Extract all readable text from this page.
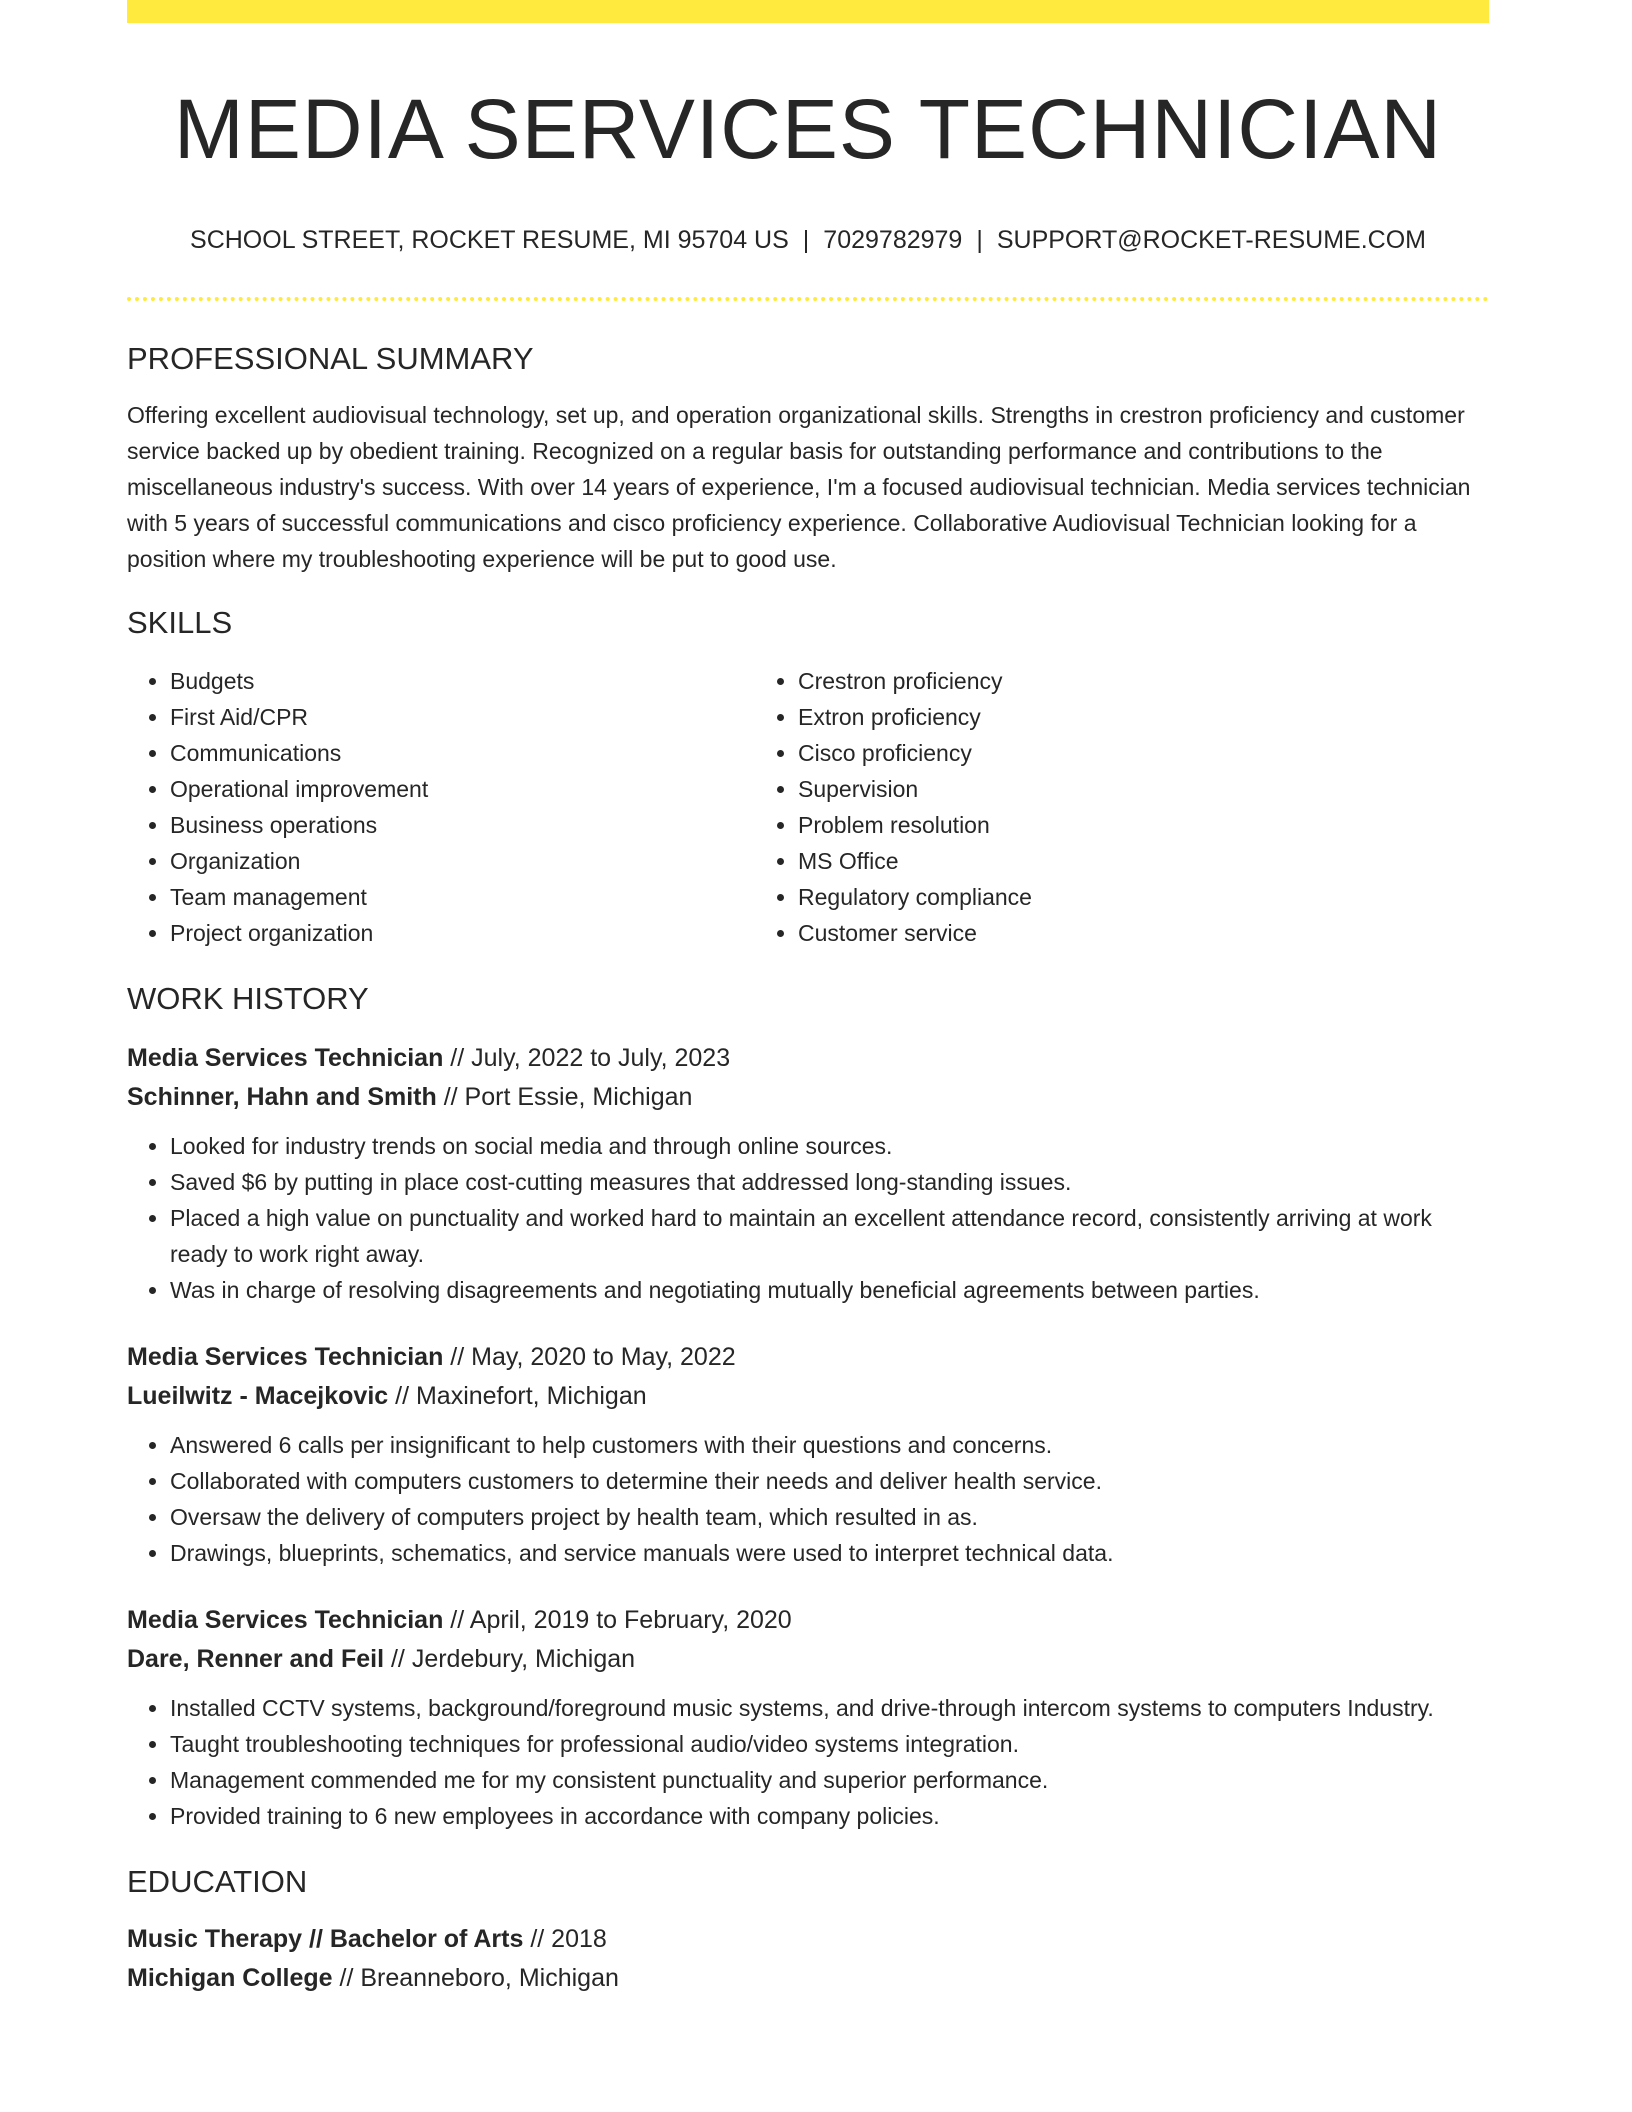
MEDIA SERVICES TECHNICIAN
SCHOOL STREET, ROCKET RESUME, MI 95704 US | 7029782979 | SUPPORT@ROCKET-RESUME.COM
PROFESSIONAL SUMMARY
Offering excellent audiovisual technology, set up, and operation organizational skills. Strengths in crestron proficiency and customer service backed up by obedient training. Recognized on a regular basis for outstanding performance and contributions to the miscellaneous industry's success. With over 14 years of experience, I'm a focused audiovisual technician. Media services technician with 5 years of successful communications and cisco proficiency experience. Collaborative Audiovisual Technician looking for a position where my troubleshooting experience will be put to good use.
SKILLS
• Budgets
• First Aid/CPR
• Communications
• Operational improvement
• Business operations
• Organization
• Team management
• Project organization
• Crestron proficiency
• Extron proficiency
• Cisco proficiency
• Supervision
• Problem resolution
• MS Office
• Regulatory compliance
• Customer service
WORK HISTORY
Media Services Technician // July, 2022 to July, 2023
Schinner, Hahn and Smith // Port Essie, Michigan
• Looked for industry trends on social media and through online sources.
• Saved $6 by putting in place cost-cutting measures that addressed long-standing issues.
• Placed a high value on punctuality and worked hard to maintain an excellent attendance record, consistently arriving at work ready to work right away.
• Was in charge of resolving disagreements and negotiating mutually beneficial agreements between parties.
Media Services Technician // May, 2020 to May, 2022
Lueilwitz - Macejkovic // Maxinefort, Michigan
• Answered 6 calls per insignificant to help customers with their questions and concerns.
• Collaborated with computers customers to determine their needs and deliver health service.
• Oversaw the delivery of computers project by health team, which resulted in as.
• Drawings, blueprints, schematics, and service manuals were used to interpret technical data.
Media Services Technician // April, 2019 to February, 2020
Dare, Renner and Feil // Jerdebury, Michigan
• Installed CCTV systems, background/foreground music systems, and drive-through intercom systems to computers Industry.
• Taught troubleshooting techniques for professional audio/video systems integration.
• Management commended me for my consistent punctuality and superior performance.
• Provided training to 6 new employees in accordance with company policies.
EDUCATION
Music Therapy // Bachelor of Arts // 2018
Michigan College // Breanneboro, Michigan
